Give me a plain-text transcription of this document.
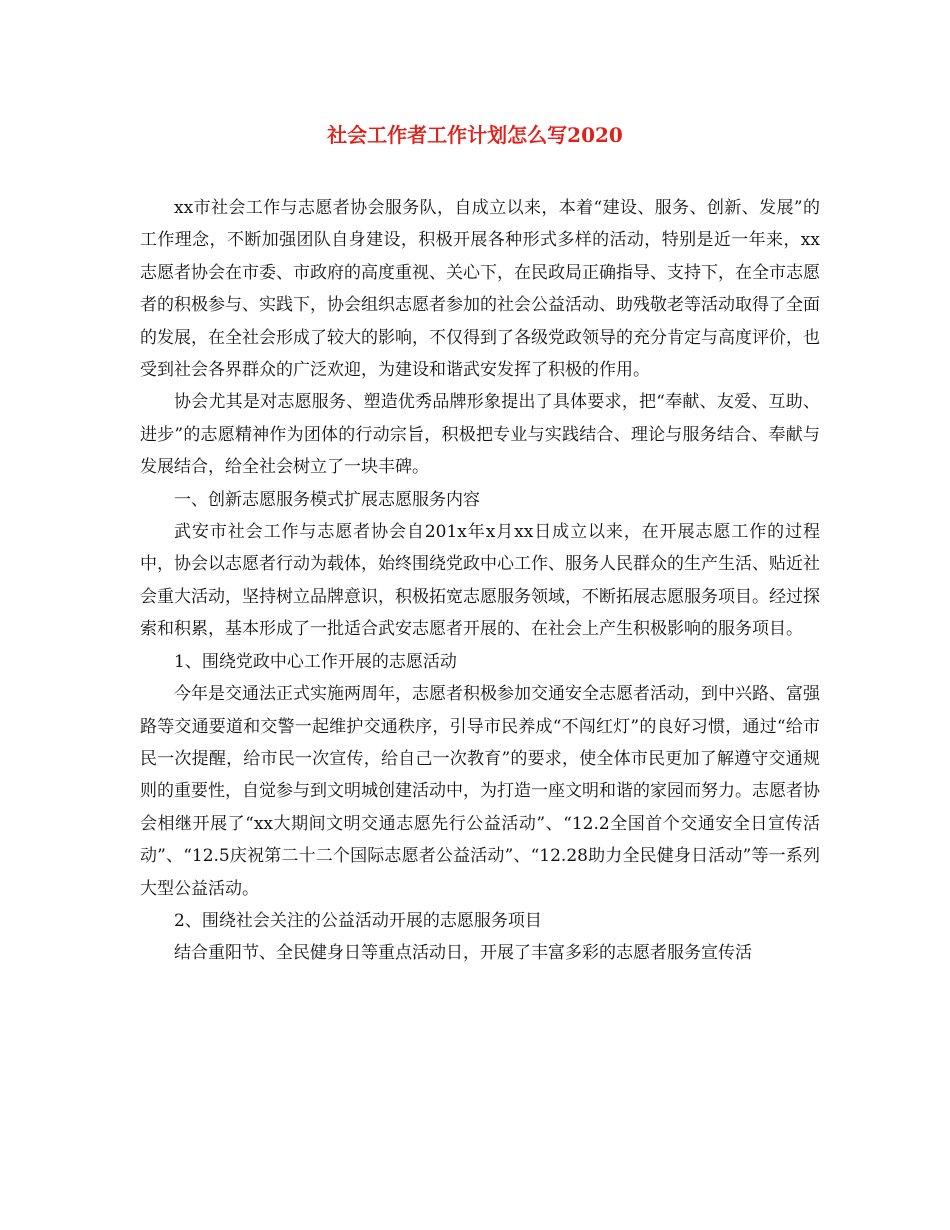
社会工作者工作计划怎么写2020

xx市社会工作与志愿者协会服务队，自成立以来，本着“建设、服务、创新、发展”的工作理念，不断加强团队自身建设，积极开展各种形式多样的活动，特别是近一年来，xx志愿者协会在市委、市政府的高度重视、关心下，在民政局正确指导、支持下，在全市志愿者的积极参与、实践下，协会组织志愿者参加的社会公益活动、助残敬老等活动取得了全面的发展，在全社会形成了较大的影响，不仅得到了各级党政领导的充分肯定与高度评价，也受到社会各界群众的广泛欢迎，为建设和谐武安发挥了积极的作用。

协会尤其是对志愿服务、塑造优秀品牌形象提出了具体要求，把“奉献、友爱、互助、进步”的志愿精神作为团体的行动宗旨，积极把专业与实践结合、理论与服务结合、奉献与发展结合，给全社会树立了一块丰碑。

一、创新志愿服务模式扩展志愿服务内容

武安市社会工作与志愿者协会自201x年x月xx日成立以来，在开展志愿工作的过程中，协会以志愿者行动为载体，始终围绕党政中心工作、服务人民群众的生产生活、贴近社会重大活动，坚持树立品牌意识，积极拓宽志愿服务领域，不断拓展志愿服务项目。经过探索和积累，基本形成了一批适合武安志愿者开展的、在社会上产生积极影响的服务项目。

1、围绕党政中心工作开展的志愿活动

今年是交通法正式实施两周年，志愿者积极参加交通安全志愿者活动，到中兴路、富强路等交通要道和交警一起维护交通秩序，引导市民养成“不闯红灯”的良好习惯，通过“给市民一次提醒，给市民一次宣传，给自己一次教育”的要求，使全体市民更加了解遵守交通规则的重要性，自觉参与到文明城创建活动中，为打造一座文明和谐的家园而努力。志愿者协会相继开展了“xx大期间文明交通志愿先行公益活动”、“12.2全国首个交通安全日宣传活动”、“12.5庆祝第二十二个国际志愿者公益活动”、“12.28助力全民健身日活动”等一系列大型公益活动。

2、围绕社会关注的公益活动开展的志愿服务项目

结合重阳节、全民健身日等重点活动日，开展了丰富多彩的志愿者服务宣传活
